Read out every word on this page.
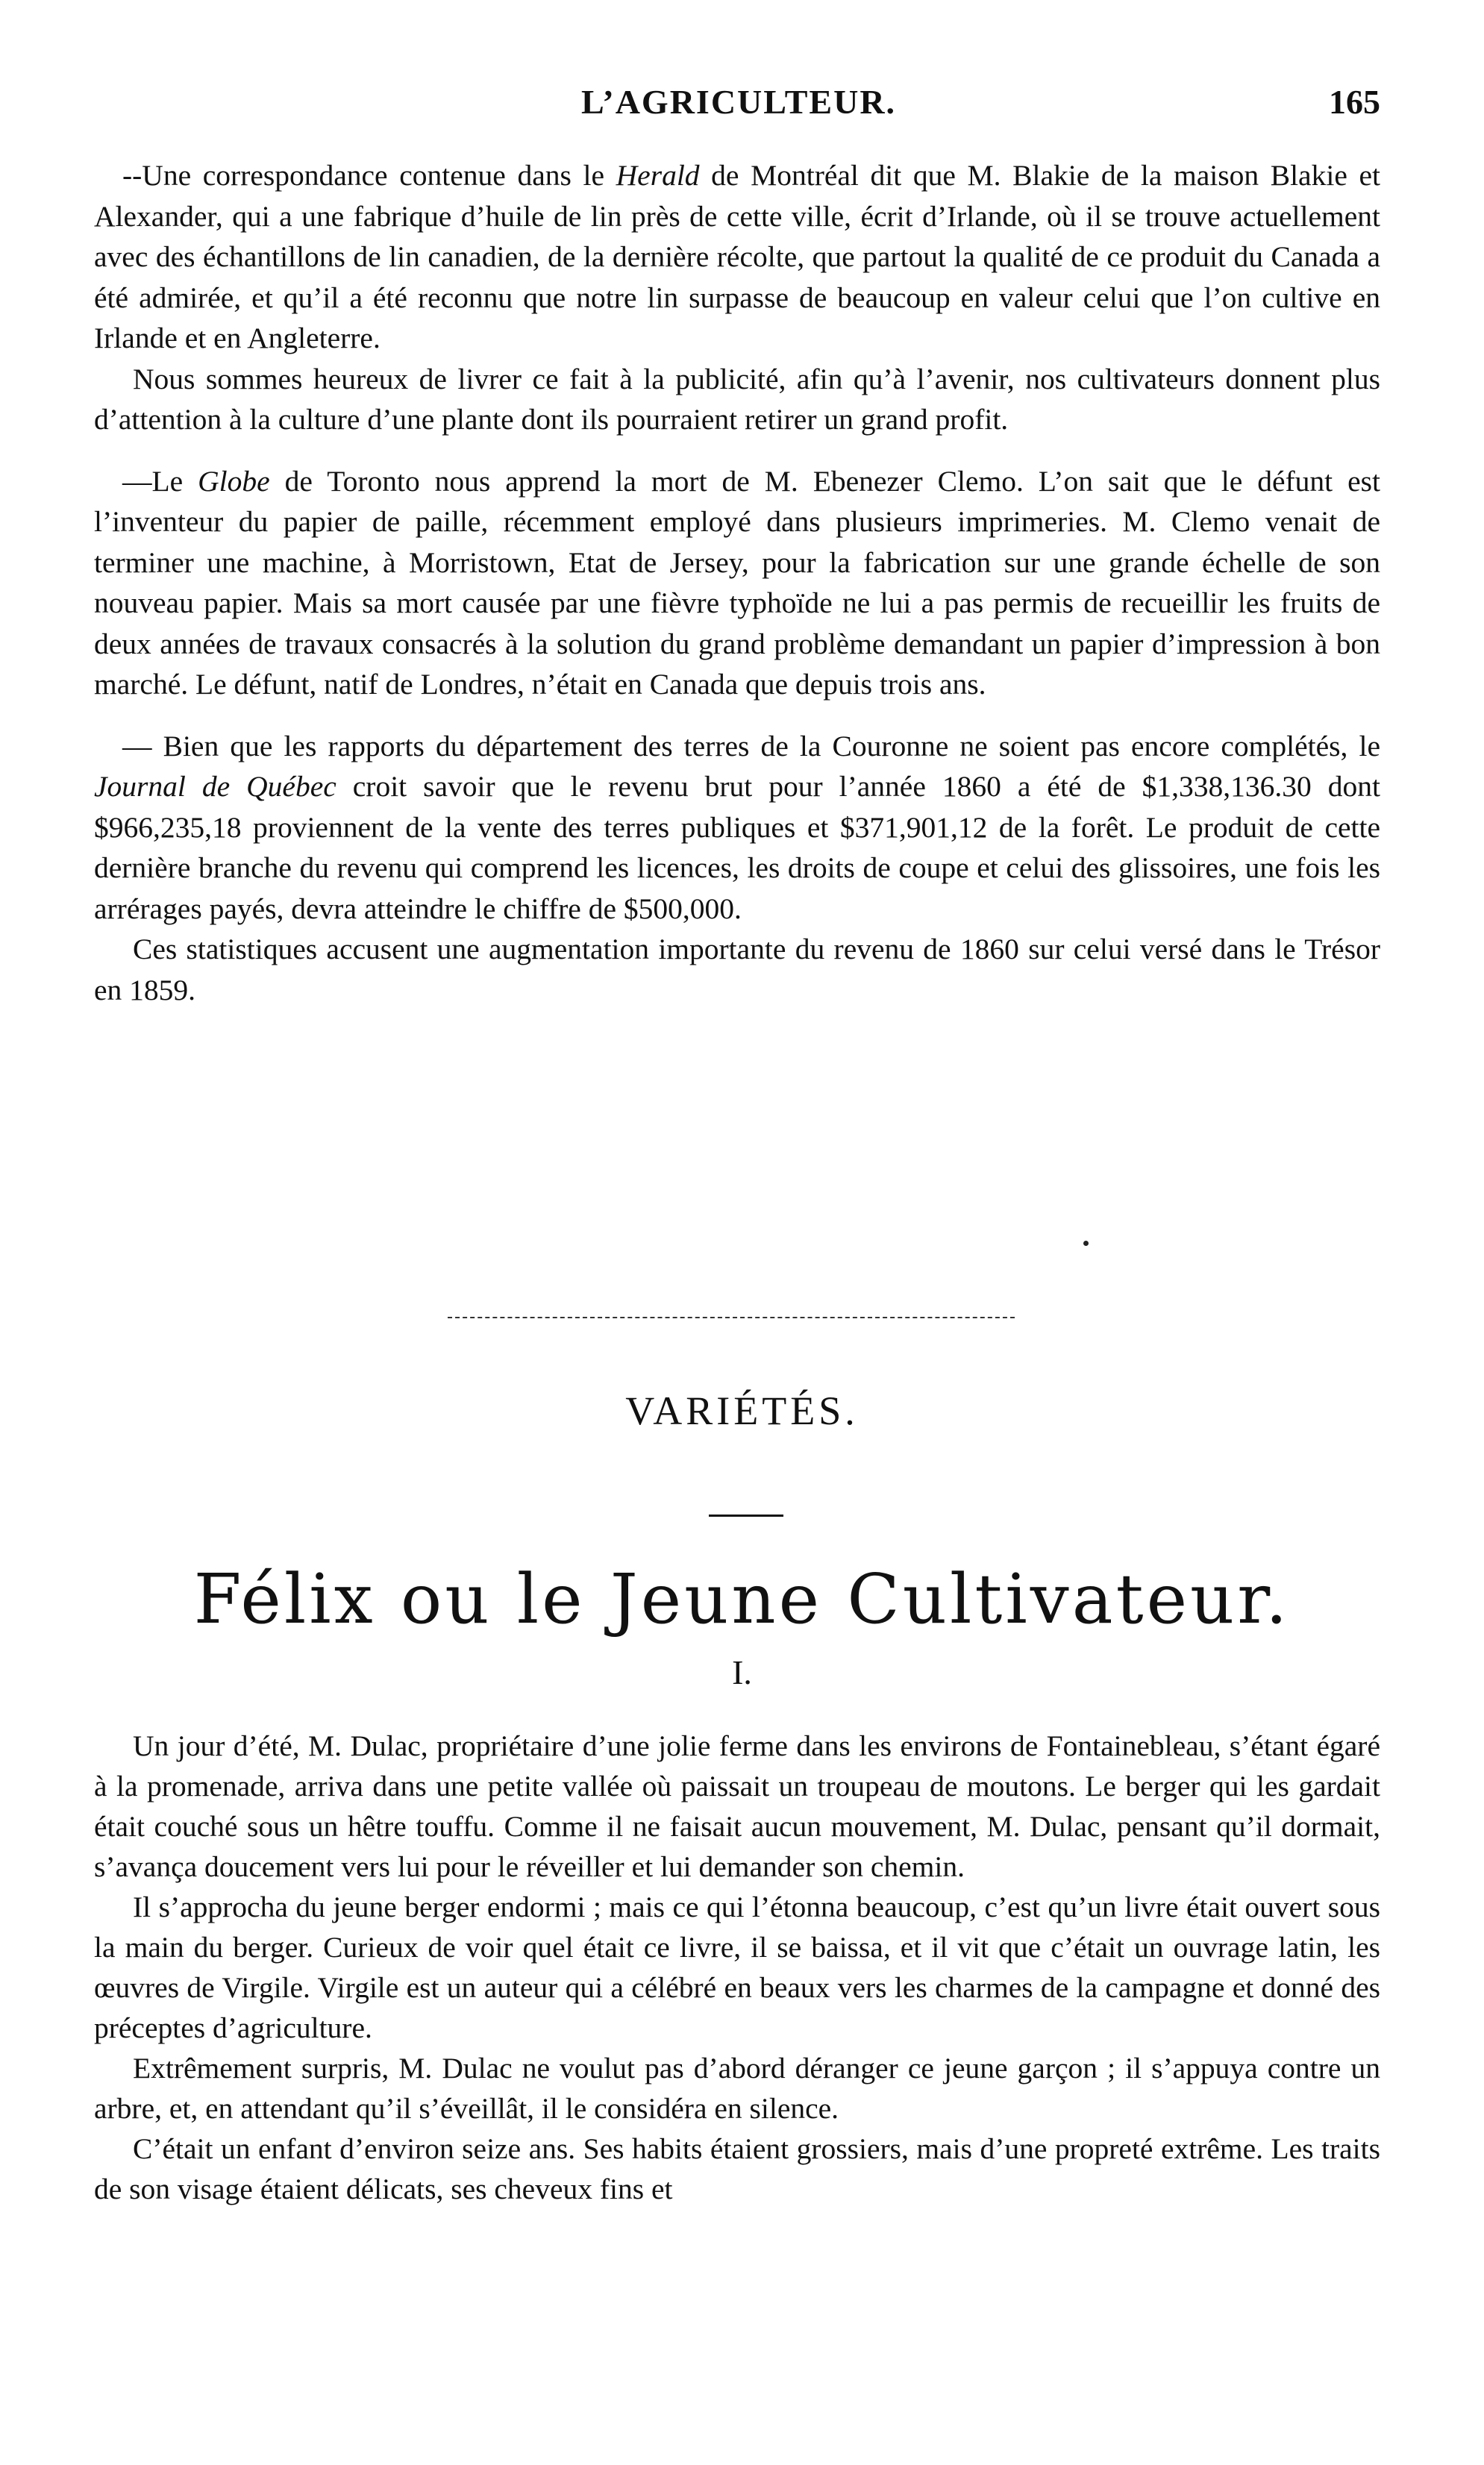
L’AGRICULTEUR.	165

--Une correspondance contenue dans le Herald de Montréal dit que M. Blakie de la maison Blakie et Alexander, qui a une fabrique d’huile de lin près de cette ville, écrit d’Irlande, où il se trouve actuellement avec des échantillons de lin canadien, de la dernière récolte, que partout la qualité de ce produit du Canada a été admirée, et qu’il a été reconnu que notre lin surpasse de beaucoup en valeur celui que l’on cultive en Irlande et en Angleterre.

Nous sommes heureux de livrer ce fait à la publicité, afin qu’à l’avenir, nos cultivateurs donnent plus d’attention à la culture d’une plante dont ils pourraient retirer un grand profit.

—Le Globe de Toronto nous apprend la mort de M. Ebenezer Clemo. L’on sait que le défunt est l’inventeur du papier de paille, récemment employé dans plusieurs imprimeries. M. Clemo venait de terminer une machine, à Morristown, Etat de Jersey, pour la fabrication sur une grande échelle de son nouveau papier. Mais sa mort causée par une fièvre typhoïde ne lui a pas permis de recueillir les fruits de deux années de travaux consacrés à la solution du grand problème demandant un papier d’impression à bon marché. Le défunt, natif de Londres, n’était en Canada que depuis trois ans.

— Bien que les rapports du département des terres de la Couronne ne soient pas encore complétés, le Journal de Québec croit savoir que le revenu brut pour l’année 1860 a été de $1,338,136.30 dont $966,235,18 proviennent de la vente des terres publiques et $371,901,12 de la forêt. Le produit de cette dernière branche du revenu qui comprend les licences, les droits de coupe et celui des glissoires, une fois les arrérages payés, devra atteindre le chiffre de $500,000.

Ces statistiques accusent une augmentation importante du revenu de 1860 sur celui versé dans le Trésor en 1859.

VARIÉTÉS.
Félix ou le Jeune Cultivateur.
I.

Un jour d’été, M. Dulac, propriétaire d’une jolie ferme dans les environs de Fontainebleau, s’étant égaré à la promenade, arriva dans une petite vallée où paissait un troupeau de moutons. Le berger qui les gardait était couché sous un hêtre touffu. Comme il ne faisait aucun mouvement, M. Dulac, pensant qu’il dormait, s’avança doucement vers lui pour le réveiller et lui demander son chemin.

Il s’approcha du jeune berger endormi ; mais ce qui l’étonna beaucoup, c’est qu’un livre était ouvert sous la main du berger. Curieux de voir quel était ce livre, il se baissa, et il vit que c’était un ouvrage latin, les œuvres de Virgile. Virgile est un auteur qui a célébré en beaux vers les charmes de la campagne et donné des préceptes d’agriculture.

Extrêmement surpris, M. Dulac ne voulut pas d’abord déranger ce jeune garçon ; il s’appuya contre un arbre, et, en attendant qu’il s’éveillât, il le considéra en silence.

C’était un enfant d’environ seize ans. Ses habits étaient grossiers, mais d’une propreté extrême. Les traits de son visage étaient délicats, ses cheveux fins et
